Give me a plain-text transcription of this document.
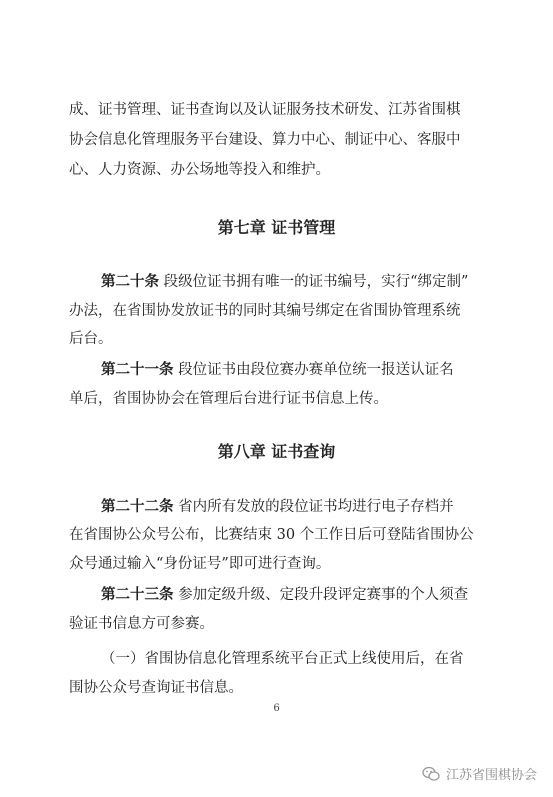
成、证书管理、证书查询以及认证服务技术研发、江苏省围棋
协会信息化管理服务平台建设、算力中心、制证中心、客服中
心、人力资源、办公场地等投入和维护。
第七章 证书管理
第二十条 段级位证书拥有唯一的证书编号，实行“绑定制”
办法，在省围协发放证书的同时其编号绑定在省围协管理系统
后台。
第二十一条 段位证书由段位赛办赛单位统一报送认证名
单后，省围协协会在管理后台进行证书信息上传。
第八章 证书查询
第二十二条 省内所有发放的段位证书均进行电子存档并
在省围协公众号公布，比赛结束 30 个工作日后可登陆省围协公
众号通过输入“身份证号”即可进行查询。
第二十三条 参加定级升级、定段升段评定赛事的个人须查
验证书信息方可参赛。
（一）省围协信息化管理系统平台正式上线使用后，在省
围协公众号查询证书信息。
6
江苏省围棋协会
